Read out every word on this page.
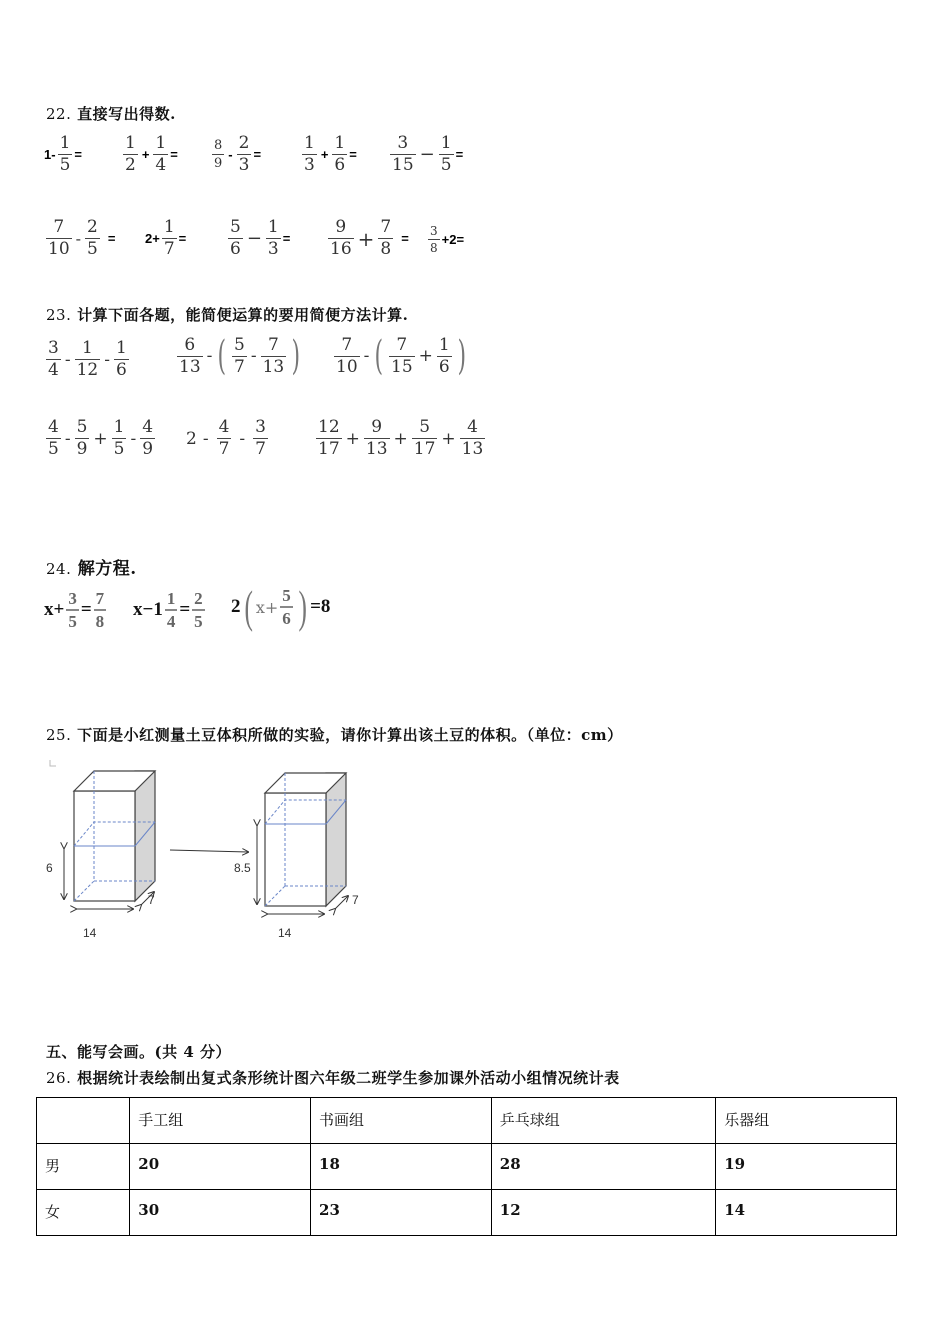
22. 直接写出得数.
$1- \frac{1}{5} = \frac{1}{2} + \frac{1}{4}$ =	$\frac{8}{9} - \frac{2}{3} = \frac{1}{3} + \frac{1}{6} = \frac{3}{15} - \frac{1}{5}$ =
$\frac{7}{10} - \frac{2}{5} = 2+ \frac{1}{7} = \frac{5}{6} - \frac{1}{3} = \frac{9}{16} + \frac{7}{8} = \frac{3}{8} +2=$
23. 计算下面各题，能简便运算的要用简便方法计算.
$\frac{3}{4} - \frac{1}{12} - \frac{1}{6}$	$\frac{6}{13}$ - ( $\frac{5}{7} - \frac{7}{13}$ ) $\frac{7}{10}$ - ( $\frac{7}{15} + \frac{1}{6}$ )
$\frac{4}{5} - \frac{5}{9} + \frac{1}{5} - \frac{4}{9} 2 - \frac{4}{7} - \frac{3}{7}$	$\frac{12}{17} + \frac{9}{13} + \frac{5}{17} + \frac{4}{13}$
24. 解方程.
$x+ \frac{3}{5} = \frac{7}{8} x-1 \frac{1}{4} = \frac{2}{5} 2$ ( $x+ \frac{5}{6}$ ) =8
25. 下面是小红测量土豆体积所做的实验，请你计算出该土豆的体积。（单位：cm）
6
7
14
8.5
7
14
五、能写会画。(共 4 分）
26. 根据统计表绘制出复式条形统计图六年级二班学生参加课外活动小组情况统计表
	手工组	书画组	乒乓球组	乐器组
男	20	18	28	19
女	30	23	12	14
